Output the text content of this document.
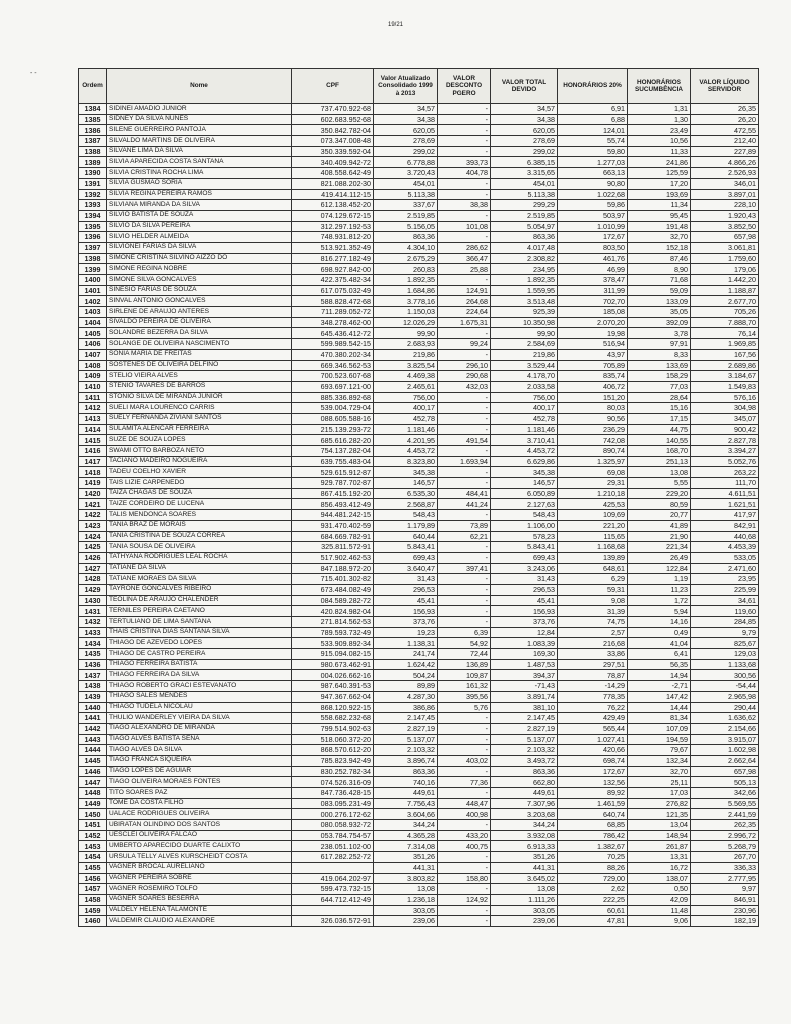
19/21
- -
Ordem	Nome	CPF	Valor Atualizado Consolidado 1999 à 2013	VALOR DESCONTO PGERO	VALOR TOTAL DEVIDO	HONORÁRIOS 20%	HONORÁRIOS SUCUMBÊNCIA	VALOR LÍQUIDO SERVIDOR
1384	SIDINEI AMADIO JUNIOR	737.470.922-68	34,57	-	34,57	6,91	1,31	26,35
1385	SIDNEY DA SILVA NUNES	602.683.952-68	34,38	-	34,38	6,88	1,30	26,20
1386	SILENE GUERREIRO PANTOJA	350.842.782-04	620,05	-	620,05	124,01	23,49	472,55
1387	SILVALDO MARTINS DE OLIVEIRA	073.347.008-48	278,69	-	278,69	55,74	10,56	212,40
1388	SILVANE LIMA DA SILVA	350.339.592-04	299,02	-	299,02	59,80	11,33	227,89
1389	SILVIA APARECIDA COSTA SANTANA	340.409.942-72	6.778,88	393,73	6.385,15	1.277,03	241,86	4.866,26
1390	SILVIA CRISTINA ROCHA LIMA	408.558.642-49	3.720,43	404,78	3.315,65	663,13	125,59	2.526,93
1391	SILVIA GUSMAO SORIA	821.088.202-30	454,01	-	454,01	90,80	17,20	346,01
1392	SILVIA REGINA PEREIRA RAMOS	419.414.112-15	5.113,38	-	5.113,38	1.022,68	193,69	3.897,01
1393	SILVIANA MIRANDA DA SILVA	612.138.452-20	337,67	38,38	299,29	59,86	11,34	228,10
1394	SILVIO BATISTA DE SOUZA	074.129.672-15	2.519,85	-	2.519,85	503,97	95,45	1.920,43
1395	SILVIO DA SILVA PEREIRA	312.297.192-53	5.156,05	101,08	5.054,97	1.010,99	191,48	3.852,50
1396	SILVIO HELDER ALMEIDA	748.931.812-20	863,36	-	863,36	172,67	32,70	657,98
1397	SILVIONEI FARIAS DA SILVA	513.921.352-49	4.304,10	286,62	4.017,48	803,50	152,18	3.061,81
1398	SIMONE CRISTINA SILVINO AIZZO DO	816.277.182-49	2.675,29	366,47	2.308,82	461,76	87,46	1.759,60
1399	SIMONE REGINA NOBRE	698.927.842-00	260,83	25,88	234,95	46,99	8,90	179,06
1400	SIMONE SILVA GONCALVES	422.375.482-34	1.892,35	-	1.892,35	378,47	71,68	1.442,20
1401	SINESIO FARIAS DE SOUZA	617.075.032-49	1.684,86	124,91	1.559,95	311,99	59,09	1.188,87
1402	SINVAL ANTONIO GONCALVES	588.828.472-68	3.778,16	264,68	3.513,48	702,70	133,09	2.677,70
1403	SIRLENE DE ARAUJO ANTERES	711.289.052-72	1.150,03	224,64	925,39	185,08	35,05	705,26
1404	SIVALDO PEREIRA DE OLIVEIRA	348.278.462-00	12.026,29	1.675,31	10.350,98	2.070,20	392,09	7.888,70
1405	SOLANDRE BEZERRA DA SILVA	645.436.412-72	99,90	-	99,90	19,98	3,78	76,14
1406	SOLANGE DE OLIVEIRA NASCIMENTO	599.989.542-15	2.683,93	99,24	2.584,69	516,94	97,91	1.969,85
1407	SONIA MARIA DE FREITAS	470.380.202-34	219,86	-	219,86	43,97	8,33	167,56
1408	SOSTENES DE OLIVEIRA DELFINO	669.346.562-53	3.825,54	296,10	3.529,44	705,89	133,69	2.689,86
1409	STELIO VIEIRA ALVES	700.523.607-68	4.469,38	290,68	4.178,70	835,74	158,29	3.184,67
1410	STENIO TAVARES DE BARROS	693.697.121-00	2.465,61	432,03	2.033,58	406,72	77,03	1.549,83
1411	STONIO SILVA DE MIRANDA JUNIOR	885.336.892-68	756,00	-	756,00	151,20	28,64	576,16
1412	SUELI MARA LOURENCO CARRIS	539.004.729-04	400,17	-	400,17	80,03	15,16	304,98
1413	SUELY FERNANDA ZIVIANI SANTOS	088.605.588-16	452,78	-	452,78	90,56	17,15	345,07
1414	SULAMITA ALENCAR FERREIRA	215.139.293-72	1.181,46	-	1.181,46	236,29	44,75	900,42
1415	SUZE DE SOUZA LOPES	685.616.282-20	4.201,95	491,54	3.710,41	742,08	140,55	2.827,78
1416	SWAMI OTTO BARBOZA NETO	754.137.282-04	4.453,72	-	4.453,72	890,74	168,70	3.394,27
1417	TACIANO MADEIRO NOGUEIRA	639.755.483-04	8.323,80	1.693,94	6.629,86	1.325,97	251,13	5.052,76
1418	TADEU COELHO XAVIER	529.615.912-87	345,38	-	345,38	69,08	13,08	263,22
1419	TAIS LIZIE CARPENEDO	929.787.702-87	146,57	-	146,57	29,31	5,55	111,70
1420	TAIZA CHAGAS DE SOUZA	867.415.192-20	6.535,30	484,41	6.050,89	1.210,18	229,20	4.611,51
1421	TAIZE CORDEIRO DE LUCENA	856.493.412-49	2.568,87	441,24	2.127,63	425,53	80,59	1.621,51
1422	TALIS MENDONCA SOARES	944.481.242-15	548,43	-	548,43	109,69	20,77	417,97
1423	TANIA BRAZ DE MORAIS	931.470.402-59	1.179,89	73,89	1.106,00	221,20	41,89	842,91
1424	TANIA CRISTINA DE SOUZA CORREA	684.669.782-91	640,44	62,21	578,23	115,65	21,90	440,68
1425	TANIA SOUSA DE OLIVEIRA	325.811.572-91	5.843,41	-	5.843,41	1.168,68	221,34	4.453,39
1426	TATHYANA RODRIGUES LEAL ROCHA	517.902.462-53	699,43	-	699,43	139,89	26,49	533,05
1427	TATIANE DA SILVA	847.188.972-20	3.640,47	397,41	3.243,06	648,61	122,84	2.471,60
1428	TATIANE MORAES DA SILVA	715.401.302-82	31,43	-	31,43	6,29	1,19	23,95
1429	TAYRONE GONCALVES RIBEIRO	673.484.082-49	296,53	-	296,53	59,31	11,23	225,99
1430	TEOLINA DE ARAUJO CHALENDER	084.589.282-72	45,41	-	45,41	9,08	1,72	34,61
1431	TERNILES PEREIRA CAETANO	420.824.982-04	156,93	-	156,93	31,39	5,94	119,60
1432	TERTULIANO DE LIMA SANTANA	271.814.562-53	373,76	-	373,76	74,75	14,16	284,85
1433	THAIS CRISTINA DIAS SANTANA SILVA	789.593.732-49	19,23	6,39	12,84	2,57	0,49	9,79
1434	THIAGO DE AZEVEDO LOPES	533.909.892-34	1.138,31	54,92	1.083,39	216,68	41,04	825,67
1435	THIAGO DE CASTRO PEREIRA	915.094.082-15	241,74	72,44	169,30	33,86	6,41	129,03
1436	THIAGO FERREIRA BATISTA	980.673.462-91	1.624,42	136,89	1.487,53	297,51	56,35	1.133,68
1437	THIAGO FERREIRA DA SILVA	004.026.662-16	504,24	109,87	394,37	78,87	14,94	300,56
1438	THIAGO ROBERTO GRACI ESTEVANATO	987.640.391-53	89,89	161,32	-71,43	-14,29	-2,71	-54,44
1439	THIAGO SALES MENDES	947.367.662-04	4.287,30	395,56	3.891,74	778,35	147,42	2.965,98
1440	THIAGO TUDELA NICOLAU	868.120.922-15	386,86	5,76	381,10	76,22	14,44	290,44
1441	THULIO WANDERLEY VIEIRA DA SILVA	558.682.232-68	2.147,45	-	2.147,45	429,49	81,34	1.636,62
1442	TIAGO ALEXANDRO DE MIRANDA	799.514.902-63	2.827,19	-	2.827,19	565,44	107,09	2.154,66
1443	TIAGO ALVES BATISTA SENA	518.060.372-20	5.137,07	-	5.137,07	1.027,41	194,59	3.915,07
1444	TIAGO ALVES DA SILVA	868.570.612-20	2.103,32	-	2.103,32	420,66	79,67	1.602,98
1445	TIAGO FRANCA SIQUEIRA	785.823.942-49	3.896,74	403,02	3.493,72	698,74	132,34	2.662,64
1446	TIAGO LOPES DE AGUIAR	830.252.782-34	863,36	-	863,36	172,67	32,70	657,98
1447	TIAGO OLIVEIRA MORAES FONTES	074.526.316-09	740,16	77,36	662,80	132,56	25,11	505,13
1448	TITO SOARES PAZ	847.736.428-15	449,61	-	449,61	89,92	17,03	342,66
1449	TOME DA COSTA FILHO	083.095.231-49	7.756,43	448,47	7.307,96	1.461,59	276,82	5.569,55
1450	UALACE RODRIGUES OLIVEIRA	000.276.172-62	3.604,66	400,98	3.203,68	640,74	121,35	2.441,59
1451	UBIRATAN OLINDINO DOS SANTOS	080.058.932-72	344,24	-	344,24	68,85	13,04	262,35
1452	UESCLEI OLIVEIRA FALCAO	053.784.754-57	4.365,28	433,20	3.932,08	786,42	148,94	2.996,72
1453	UMBERTO APARECIDO DUARTE CALIXTO	238.051.102-00	7.314,08	400,75	6.913,33	1.382,67	261,87	5.268,79
1454	URSULA TELLY ALVES KURSCHEIDT COSTA	617.282.252-72	351,26	-	351,26	70,25	13,31	267,70
1455	VAGNER BROCAL AURELIANO		441,31	-	441,31	88,26	16,72	336,33
1456	VAGNER PEREIRA SOBRE	419.064.202-97	3.803,82	158,80	3.645,02	729,00	138,07	2.777,95
1457	VAGNER ROSEMIRO TOLFO	599.473.732-15	13,08	-	13,08	2,62	0,50	9,97
1458	VAGNER SOARES BESERRA	644.712.412-49	1.236,18	124,92	1.111,26	222,25	42,09	846,91
1459	VALDELY HELENA TALAMONTE		303,05	-	303,05	60,61	11,48	230,96
1460	VALDEMIR CLAUDIO ALEXANDRE	326.036.572-91	239,06	-	239,06	47,81	9,06	182,19
